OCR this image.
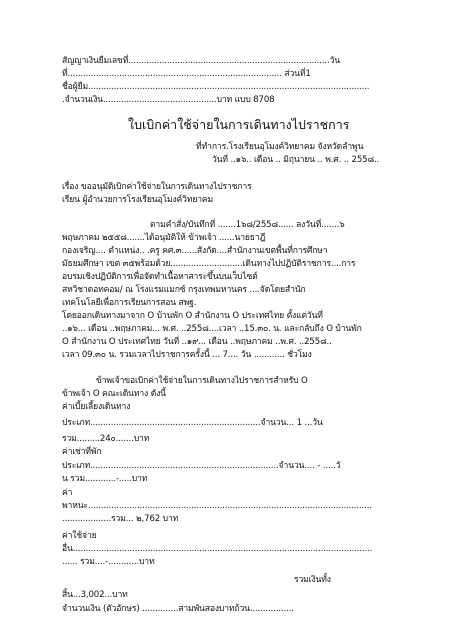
สัญญาเงินยืมเลขที่..............................................................................วัน
ที่................................................................................... ส่วนที่1
ชื่อผู้ยืม.............................................................................................................
.จำนวนเงิน............................................บาท แบบ 8708
ใบเบิกค่าใช้จ่ายในการเดินทางไปราชการ
ที่ทำการ.โรงเรียนอุโมงค์วิทยาคม จังหวัดลำพูน
วันที่ ..๑๖.. เดือน .. มิถุนายน .. พ.ศ. .. 255๘..
เรื่อง ขออนุมัติเบิกค่าใช้จ่ายในการเดินทางไปราชการ
เรียน ผู้อำนวยการโรงเรียนอุโมงค์วิทยาคม
ตามคำสั่ง/บันทึกที่ .......1๖๘/255๘...... ลงวันที่.......๖
พฤษภาคม ๒๕๕๘.......ได้อนุมัติให้ ข้าพเจ้า ......นายธาฎี
กองเจริญ.... ตำแหน่ง.. .ครู คศ.๓......สังกัด....สำนักงานเขตพื้นที่การศึกษา
มัธยมศึกษา เขต ๓๕พร้อมด้วย............................เดินทางไปปฏิบัติราชการ....การ
อบรมเชิงปฏิบัติการเพื่อจัดทำเนื้อหาสาระขึ้นบนเว็บไซต์
สหวิชาดอทคอม/ ณ โรงแรมแมกซ์ กรุงเทพมหานคร ....จัดโดยสำนัก
เทคโนโลยีเพื่อการเรียนการสอน สพฐ.
โดยออกเดินทางมาจาก O บ้านพัก O สำนักงาน O ประเทศไทย ตั้งแต่วันที่
..๑๖... เดือน ..พฤษภาคม... พ.ศ. ..255๘....เวลา ..15.๓๐. น. และกลับถึง O บ้านพัก
O สำนักงาน O ประเทศไทย วันที่ ..๑๙... เดือน ..พฤษภาคม ..พ.ศ. ..255๘..
เวลา 09.๓๐ น. รวมเวลาไปราชการครั้งนี้ ... 7.... วัน ............ ชั่วโมง
ข้าพเจ้าขอเบิกค่าใช้จ่ายในการเดินทางไปราชการสำหรับ O
ข้าพเจ้า O คณะเดินทาง ดังนี้
ค่าเบี้ยเลี้ยงเดินทาง
ประเภท..................................................................จำนวน... 1 ...วัน
รวม.........24๐.......บาท
ค่าเช่าที่พัก
ประเภท.........................................................................จำนวน.... - .....วั
น รวม............-.....บาท
ค่า
พาหนะ..............................................................................................................
...................รวม... ๒,762 บาท
ค่าใช้จ่าย
อื่น....................................................................................................................
...... รวม....-............บาท
รวมเงินทั้ง
สิ้น...3,002...บาท
จำนวนเงิน (ตัวอักษร) ..............สามพันสองบาทถ้วน.................
